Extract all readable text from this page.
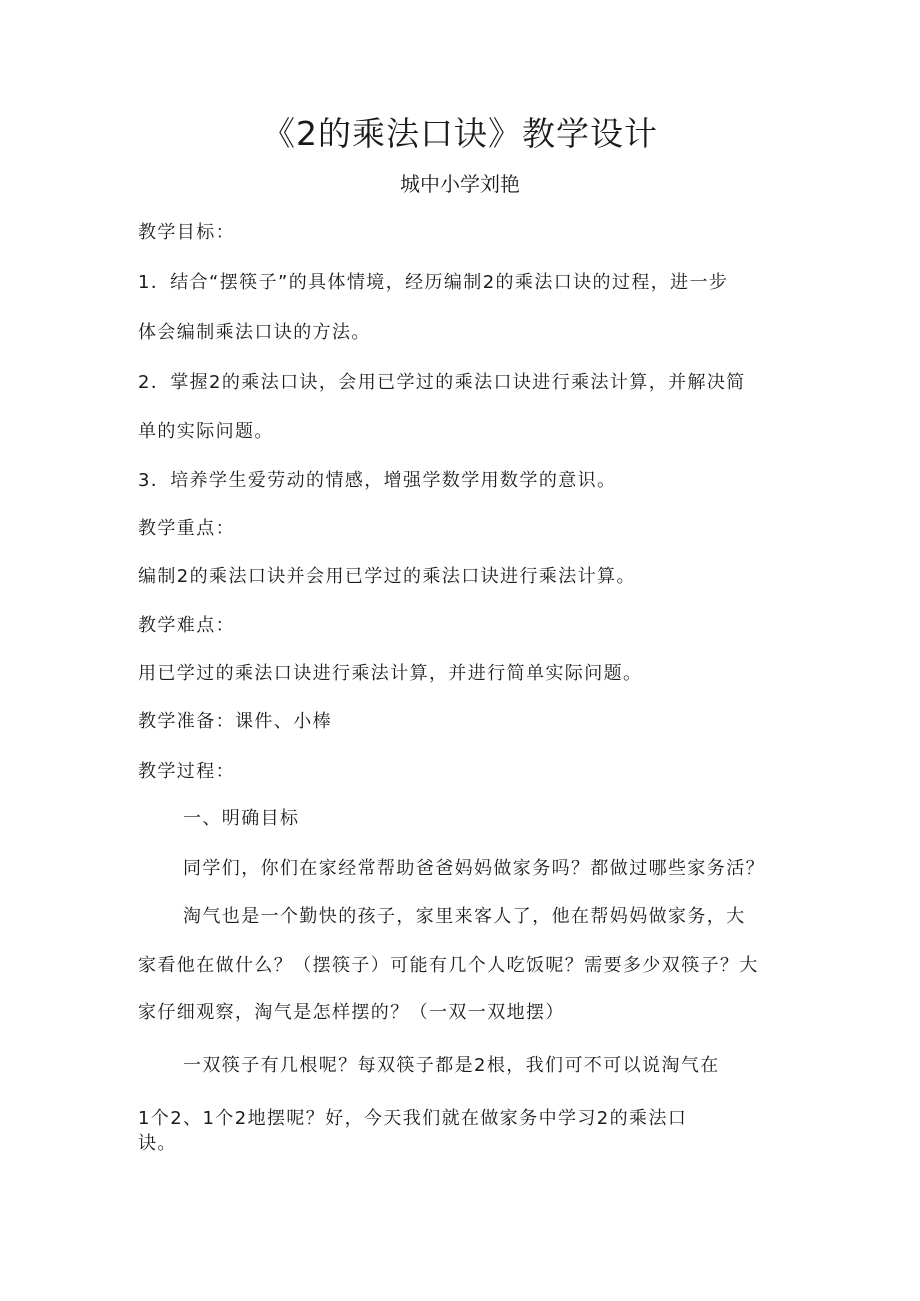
《2的乘法口诀》教学设计
城中小学刘艳
教学目标：
1．结合“摆筷子”的具体情境，经历编制2的乘法口诀的过程，进一步
体会编制乘法口诀的方法。
2．掌握2的乘法口诀，会用已学过的乘法口诀进行乘法计算，并解决简
单的实际问题。
3．培养学生爱劳动的情感，增强学数学用数学的意识。
教学重点：
编制2的乘法口诀并会用已学过的乘法口诀进行乘法计算。
教学难点：
用已学过的乘法口诀进行乘法计算，并进行简单实际问题。
教学准备：课件、小棒
教学过程：
一、明确目标
同学们，你们在家经常帮助爸爸妈妈做家务吗？都做过哪些家务活？
淘气也是一个勤快的孩子，家里来客人了，他在帮妈妈做家务，大
家看他在做什么？（摆筷子）可能有几个人吃饭呢？需要多少双筷子？大
家仔细观察，淘气是怎样摆的？（一双一双地摆）
一双筷子有几根呢？每双筷子都是2根，我们可不可以说淘气在
1个2、1个2地摆呢？好，今天我们就在做家务中学习2的乘法口
诀。
